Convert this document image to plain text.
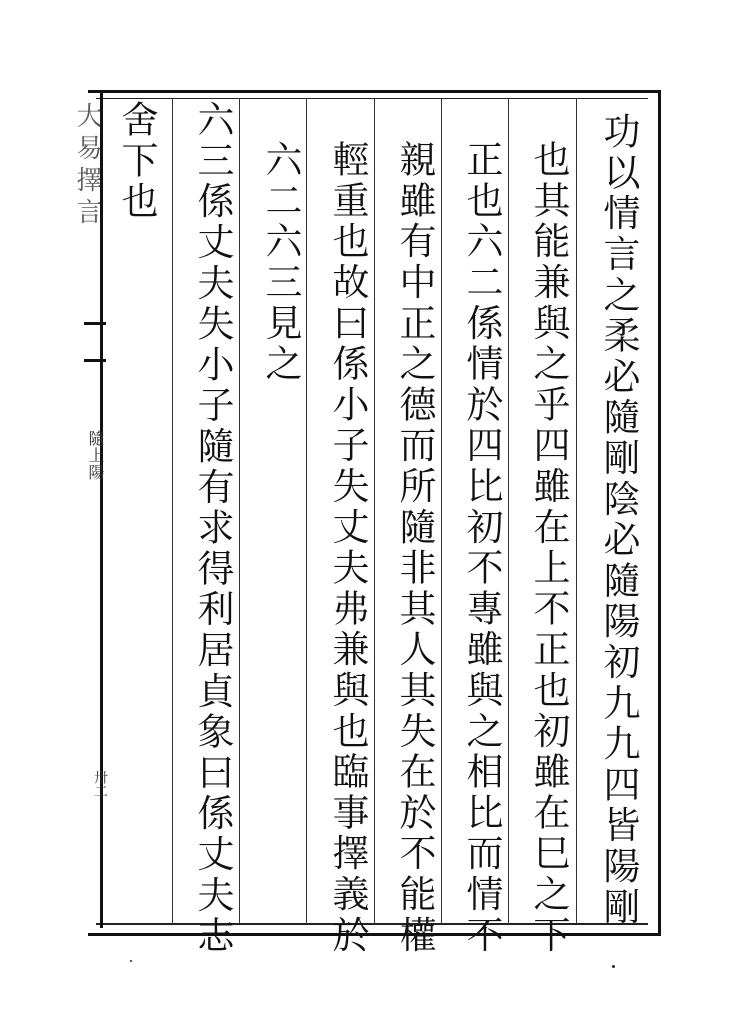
大易擇言
隨上陽
卅二	功以情言之柔必隨剛陰必隨陽初九九四皆陽剛
也其能兼與之乎四雖在上不正也初雖在巳之下
正也六二係情於四比初不專雖與之相比而情不
親雖有中正之德而所隨非其人其失在於不能權
輕重也故曰係小子失丈夫弗兼與也臨事擇義於
六二六三見之
六三係丈夫失小子隨有求得利居貞象曰係丈夫志
舍下也
